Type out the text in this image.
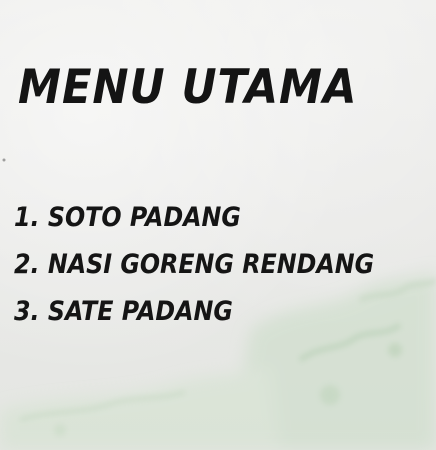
MENU UTAMA
1. SOTO PADANG
2. NASI GORENG RENDANG
3. SATE PADANG
